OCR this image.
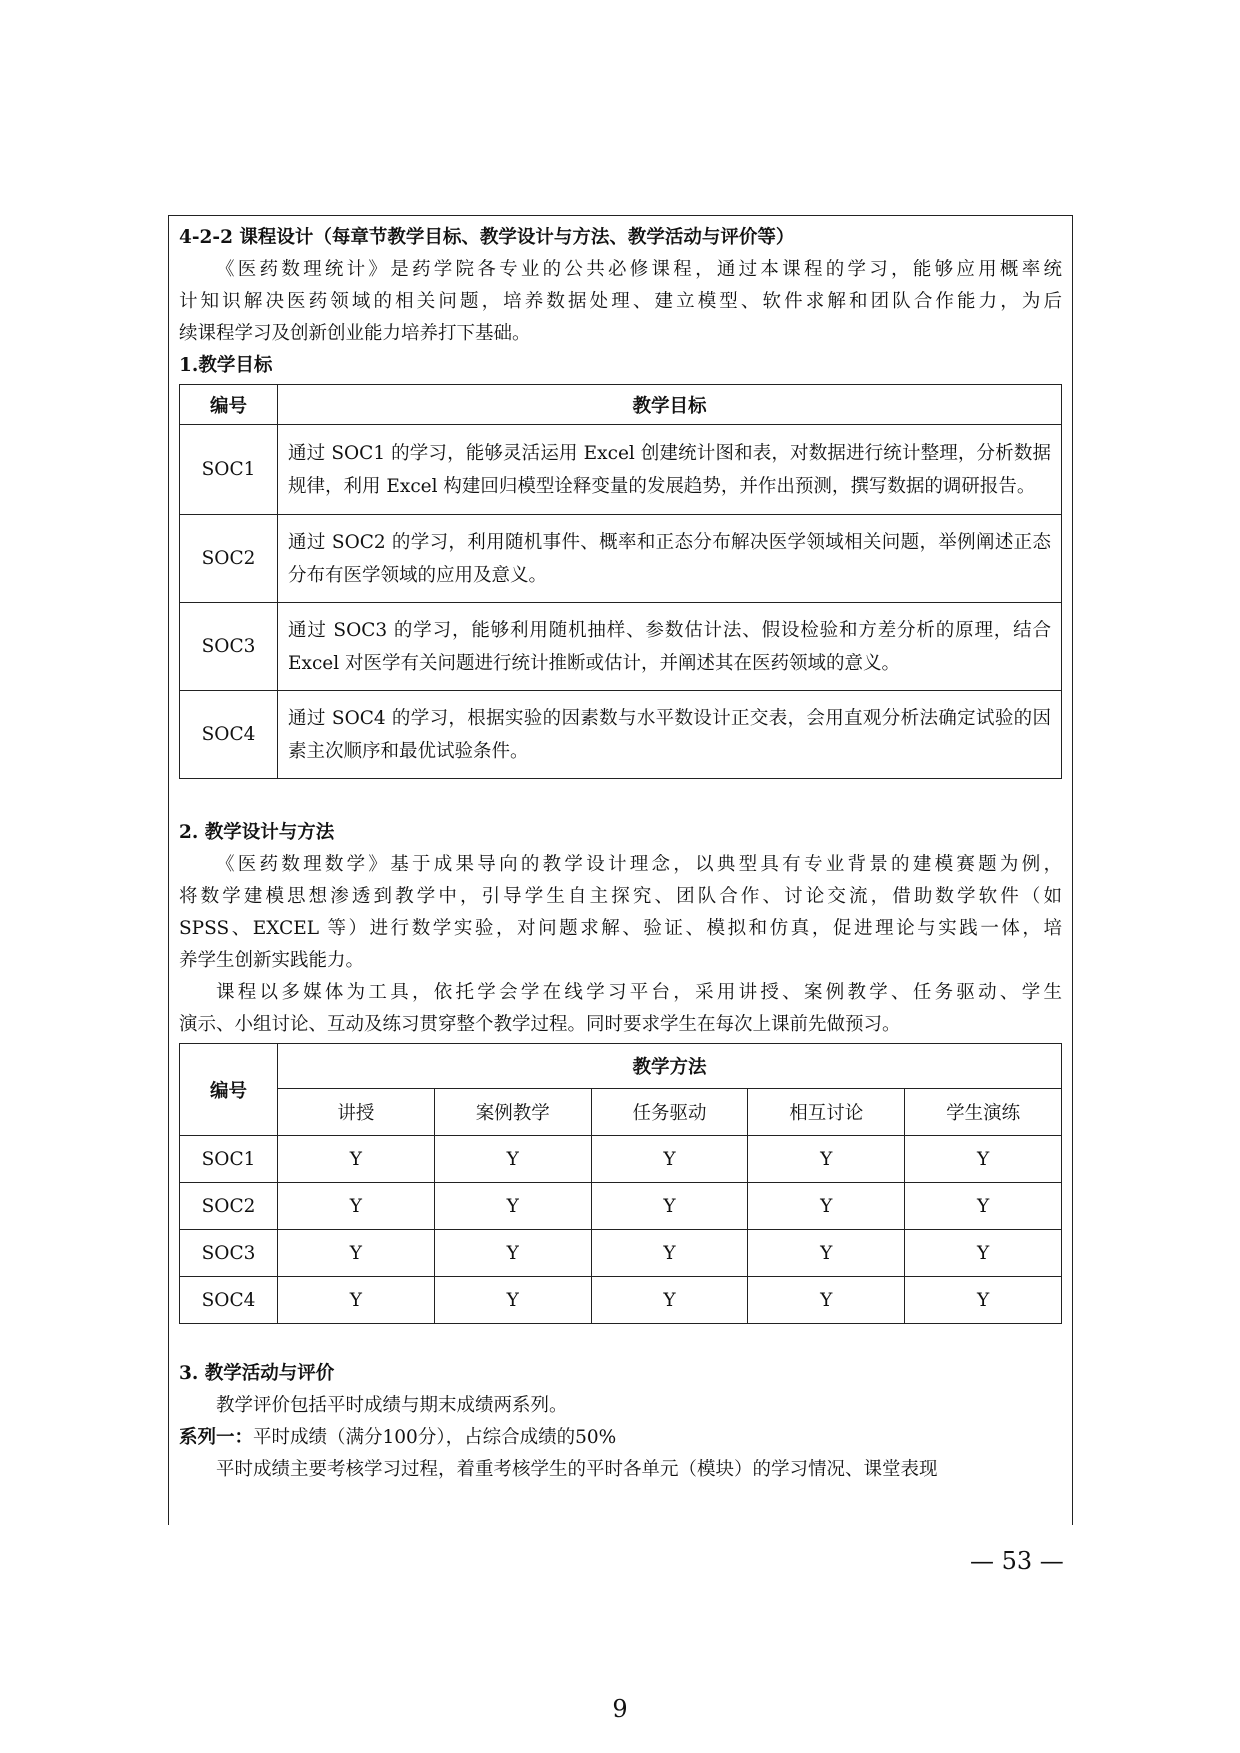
4-2-2 课程设计（每章节教学目标、教学设计与方法、教学活动与评价等）
《医药数理统计》是药学院各专业的公共必修课程，通过本课程的学习，能够应用概率统
计知识解决医药领域的相关问题，培养数据处理、建立模型、软件求解和团队合作能力，为后
续课程学习及创新创业能力培养打下基础。
1.教学目标
编号	教学目标
SOC1	通过 SOC1 的学习，能够灵活运用 Excel 创建统计图和表，对数据进行统计整理，分析数据规律，利用 Excel 构建回归模型诠释变量的发展趋势，并作出预测，撰写数据的调研报告。
SOC2	通过 SOC2 的学习，利用随机事件、概率和正态分布解决医学领域相关问题，举例阐述正态分布有医学领域的应用及意义。
SOC3	通过 SOC3 的学习，能够利用随机抽样、参数估计法、假设检验和方差分析的原理，结合 Excel 对医学有关问题进行统计推断或估计，并阐述其在医药领域的意义。
SOC4	通过 SOC4 的学习，根据实验的因素数与水平数设计正交表，会用直观分析法确定试验的因素主次顺序和最优试验条件。
2. 教学设计与方法
《医药数理数学》基于成果导向的教学设计理念，以典型具有专业背景的建模赛题为例，
将数学建模思想渗透到教学中，引导学生自主探究、团队合作、讨论交流，借助数学软件（如
SPSS、EXCEL 等）进行数学实验，对问题求解、验证、模拟和仿真，促进理论与实践一体，培
养学生创新实践能力。
课程以多媒体为工具，依托学会学在线学习平台，采用讲授、案例教学、任务驱动、学生
演示、小组讨论、互动及练习贯穿整个教学过程。同时要求学生在每次上课前先做预习。
编号	教学方法				
	讲授	案例教学	任务驱动	相互讨论	学生演练
SOC1	Y	Y	Y	Y	Y
SOC2	Y	Y	Y	Y	Y
SOC3	Y	Y	Y	Y	Y
SOC4	Y	Y	Y	Y	Y
3. 教学活动与评价
教学评价包括平时成绩与期末成绩两系列。
系列一：平时成绩（满分100分），占综合成绩的50%
平时成绩主要考核学习过程，着重考核学生的平时各单元（模块）的学习情况、课堂表现
— 53 —
9
